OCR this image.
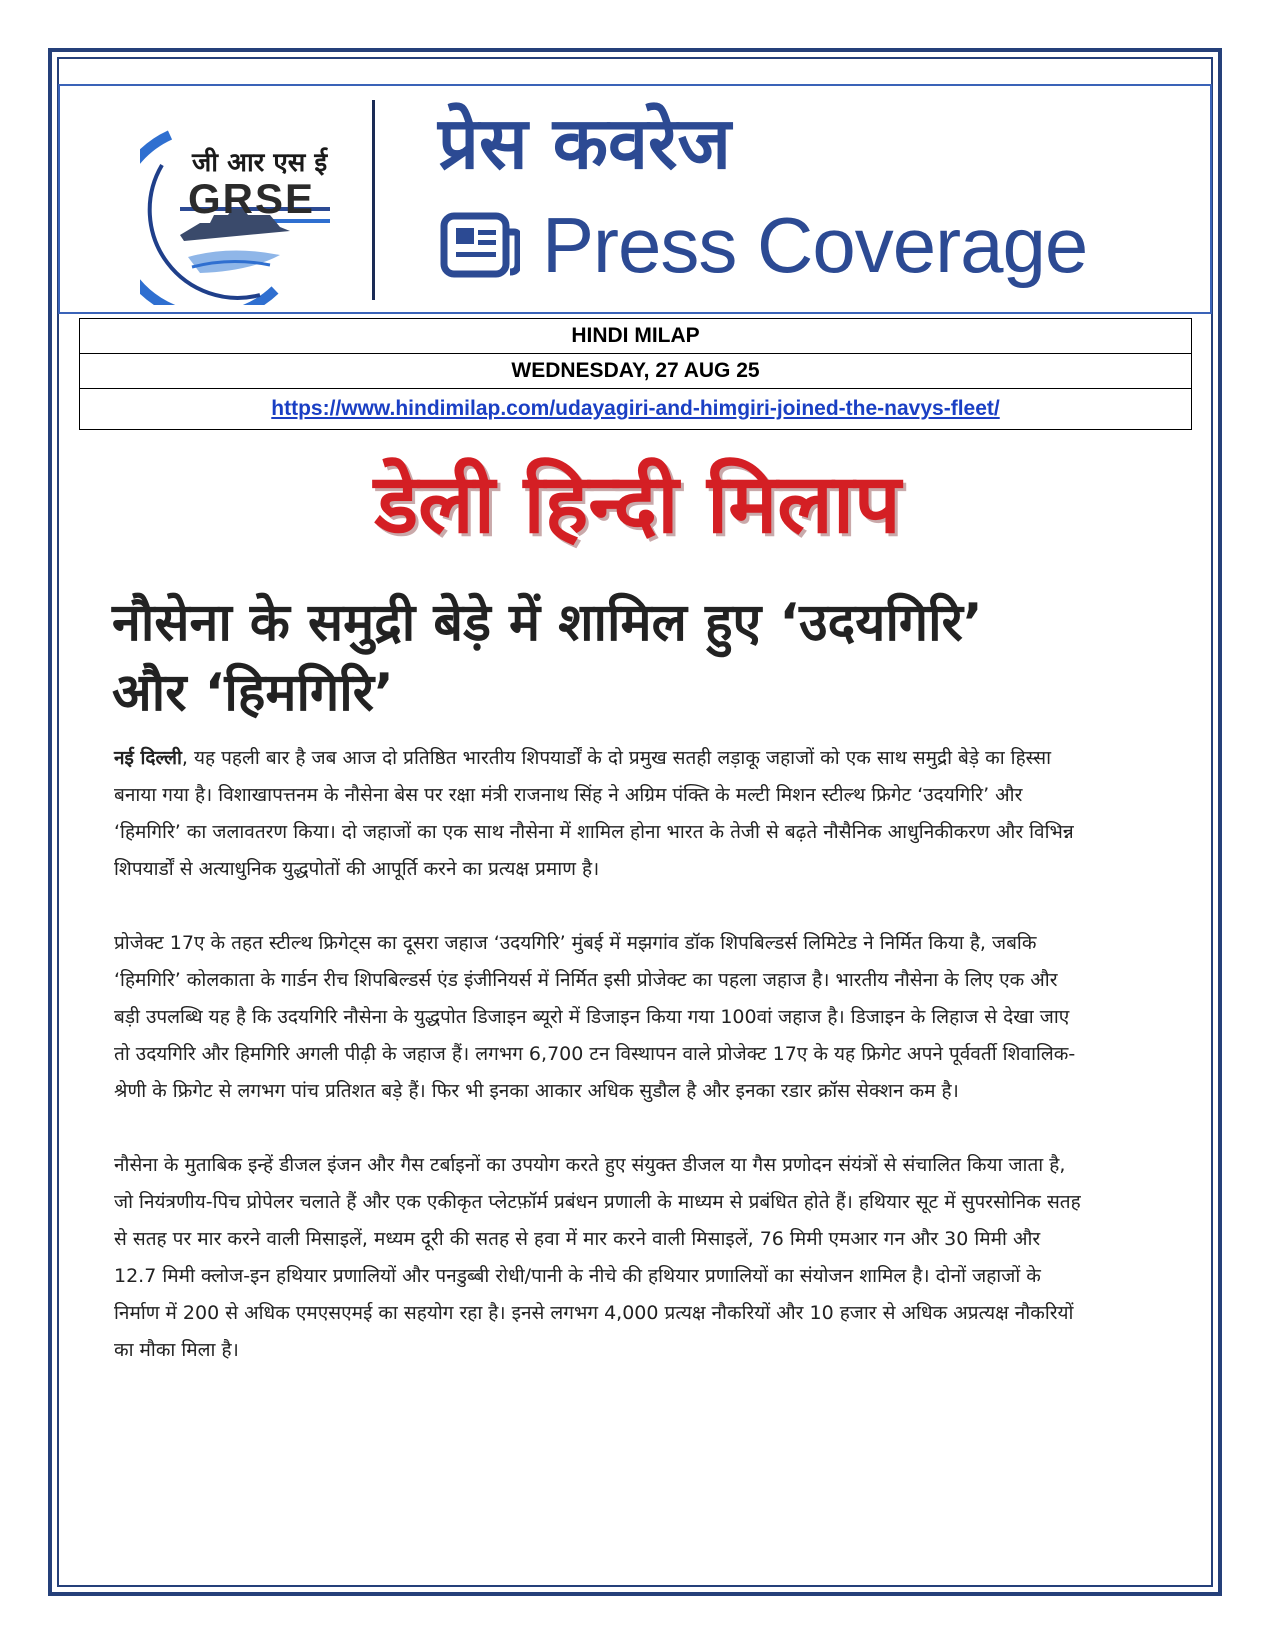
जी आर एस ई
GRSE
प्रेस कवरेज
Press Coverage
HINDI MILAP
WEDNESDAY, 27 AUG 25
https://www.hindimilap.com/udayagiri-and-himgiri-joined-the-navys-fleet/
डेली हिन्दी मिलाप
नौसेना के समुद्री बेड़े में शामिल हुए ‘उदयगिरि’
और ‘हिमगिरि’

नई दिल्ली, यह पहली बार है जब आज दो प्रतिष्ठित भारतीय शिपयार्डों के दो प्रमुख सतही लड़ाकू जहाजों को एक साथ समुद्री बेड़े का हिस्सा बनाया गया है। विशाखापत्तनम के नौसेना बेस पर रक्षा मंत्री राजनाथ सिंह ने अग्रिम पंक्ति के मल्टी मिशन स्टील्थ फ्रिगेट ‘उदयगिरि’ और ‘हिमगिरि’ का जलावतरण किया। दो जहाजों का एक साथ नौसेना में शामिल होना भारत के तेजी से बढ़ते नौसैनिक आधुनिकीकरण और विभिन्न शिपयार्डों से अत्याधुनिक युद्धपोतों की आपूर्ति करने का प्रत्यक्ष प्रमाण है।

प्रोजेक्ट 17ए के तहत स्टील्थ फ्रिगेट्स का दूसरा जहाज ‘उदयगिरि’ मुंबई में मझगांव डॉक शिपबिल्डर्स लिमिटेड ने निर्मित किया है, जबकि ‘हिमगिरि’ कोलकाता के गार्डन रीच शिपबिल्डर्स एंड इंजीनियर्स में निर्मित इसी प्रोजेक्ट का पहला जहाज है। भारतीय नौसेना के लिए एक और बड़ी उपलब्धि यह है कि उदयगिरि नौसेना के युद्धपोत डिजाइन ब्यूरो में डिजाइन किया गया 100वां जहाज है। डिजाइन के लिहाज से देखा जाए तो उदयगिरि और हिमगिरि अगली पीढ़ी के जहाज हैं। लगभग 6,700 टन विस्थापन वाले प्रोजेक्ट 17ए के यह फ्रिगेट अपने पूर्ववर्ती शिवालिक-श्रेणी के फ्रिगेट से लगभग पांच प्रतिशत बड़े हैं। फिर भी इनका आकार अधिक सुडौल है और इनका रडार क्रॉस सेक्शन कम है।

नौसेना के मुताबिक इन्हें डीजल इंजन और गैस टर्बाइनों का उपयोग करते हुए संयुक्त डीजल या गैस प्रणोदन संयंत्रों से संचालित किया जाता है, जो नियंत्रणीय-पिच प्रोपेलर चलाते हैं और एक एकीकृत प्लेटफ़ॉर्म प्रबंधन प्रणाली के माध्यम से प्रबंधित होते हैं। हथियार सूट में सुपरसोनिक सतह से सतह पर मार करने वाली मिसाइलें, मध्यम दूरी की सतह से हवा में मार करने वाली मिसाइलें, 76 मिमी एमआर गन और 30 मिमी और 12.7 मिमी क्लोज-इन हथियार प्रणालियों और पनडुब्बी रोधी/पानी के नीचे की हथियार प्रणालियों का संयोजन शामिल है। दोनों जहाजों के निर्माण में 200 से अधिक एमएसएमई का सहयोग रहा है। इनसे लगभग 4,000 प्रत्यक्ष नौकरियों और 10 हजार से अधिक अप्रत्यक्ष नौकरियों का मौका मिला है।
